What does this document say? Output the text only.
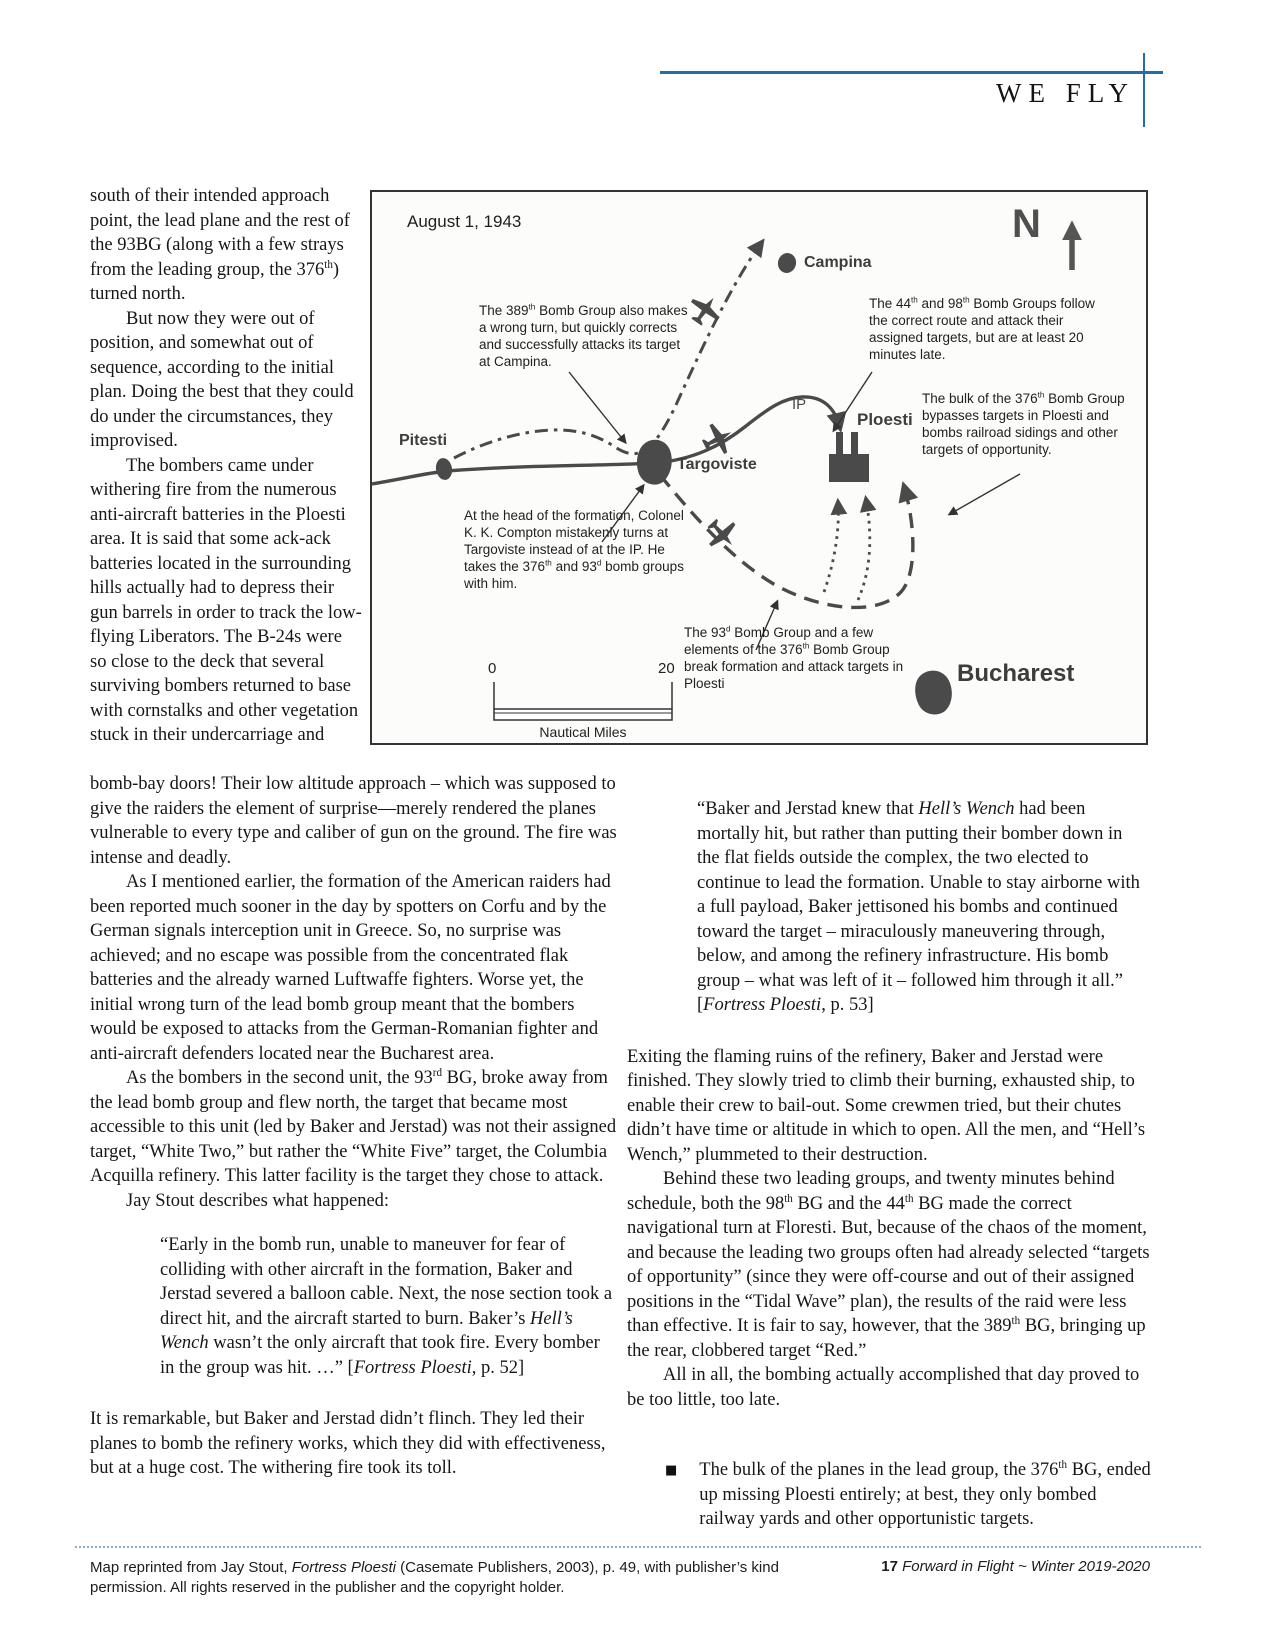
WE FLY

south of their intended approach point, the lead plane and the rest of the 93BG (along with a few strays from the leading group, the 376th) turned north.

But now they were out of position, and somewhat out of sequence, according to the initial plan. Doing the best that they could do under the circumstances, they improvised.

The bombers came under withering fire from the numerous anti-aircraft batteries in the Ploesti area. It is said that some ack-ack batteries located in the surrounding hills actually had to depress their gun barrels in order to track the low-flying Liberators. The B-24s were so close to the deck that several surviving bombers returned to base with cornstalks and other vegetation stuck in their undercarriage and

August 1, 1943	N
The 389th Bomb Group also makes a wrong turn, but quickly corrects and successfully attacks its target at Campina.
The 44th and 98th Bomb Groups follow the correct route and attack their assigned targets, but are at least 20 minutes late.
The bulk of the 376th Bomb Group bypasses targets in Ploesti and bombs railroad sidings and other targets of opportunity.
At the head of the formation, Colonel K. K. Compton mistakenly turns at Targoviste instead of at the IP. He takes the 376th and 93$^d$ bomb groups with him.
The 93$^d$ Bomb Group and a few elements of the 376th Bomb Group break formation and attack targets in Ploesti
Pitesti
Targoviste
Campina
Ploesti
Bucharest
IP
0	20
Nautical Miles

bomb-bay doors! Their low altitude approach – which was supposed to give the raiders the element of surprise—merely rendered the planes vulnerable to every type and caliber of gun on the ground. The fire was intense and deadly.

As I mentioned earlier, the formation of the American raiders had been reported much sooner in the day by spotters on Corfu and by the German signals interception unit in Greece. So, no surprise was achieved; and no escape was possible from the concentrated flak batteries and the already warned Luftwaffe fighters. Worse yet, the initial wrong turn of the lead bomb group meant that the bombers would be exposed to attacks from the German-Romanian fighter and anti-aircraft defenders located near the Bucharest area.

As the bombers in the second unit, the 93rd BG, broke away from the lead bomb group and flew north, the target that became most accessible to this unit (led by Baker and Jerstad) was not their assigned target, “White Two,” but rather the “White Five” target, the Columbia Acquilla refinery. This latter facility is the target they chose to attack.

Jay Stout describes what happened:

“Early in the bomb run, unable to maneuver for fear of colliding with other aircraft in the formation, Baker and Jerstad severed a balloon cable. Next, the nose section took a direct hit, and the aircraft started to burn. Baker’s Hell’s Wench wasn’t the only aircraft that took fire. Every bomber in the group was hit. …” [Fortress Ploesti, p. 52]

It is remarkable, but Baker and Jerstad didn’t flinch. They led their planes to bomb the refinery works, which they did with effectiveness, but at a huge cost. The withering fire took its toll.

“Baker and Jerstad knew that Hell’s Wench had been mortally hit, but rather than putting their bomber down in the flat fields outside the complex, the two elected to continue to lead the formation. Unable to stay airborne with a full payload, Baker jettisoned his bombs and continued toward the target – miraculously maneuvering through, below, and among the refinery infrastructure. His bomb group – what was left of it – followed him through it all.” [Fortress Ploesti, p. 53]

Exiting the flaming ruins of the refinery, Baker and Jerstad were finished. They slowly tried to climb their burning, exhausted ship, to enable their crew to bail-out. Some crewmen tried, but their chutes didn’t have time or altitude in which to open. All the men, and “Hell’s Wench,” plummeted to their destruction.

Behind these two leading groups, and twenty minutes behind schedule, both the 98th BG and the 44th BG made the correct navigational turn at Floresti. But, because of the chaos of the moment, and because the leading two groups often had already selected “targets of opportunity” (since they were off-course and out of their assigned positions in the “Tidal Wave” plan), the results of the raid were less than effective. It is fair to say, however, that the 389th BG, bringing up the rear, clobbered target “Red.”

All in all, the bombing actually accomplished that day proved to be too little, too late.

■ The bulk of the planes in the lead group, the 376th BG, ended up missing Ploesti entirely; at best, they only bombed railway yards and other opportunistic targets.
Map reprinted from Jay Stout, Fortress Ploesti (Casemate Publishers, 2003), p. 49, with publisher’s kind permission. All rights reserved in the publisher and the copyright holder.
17 Forward in Flight ~ Winter 2019-2020
